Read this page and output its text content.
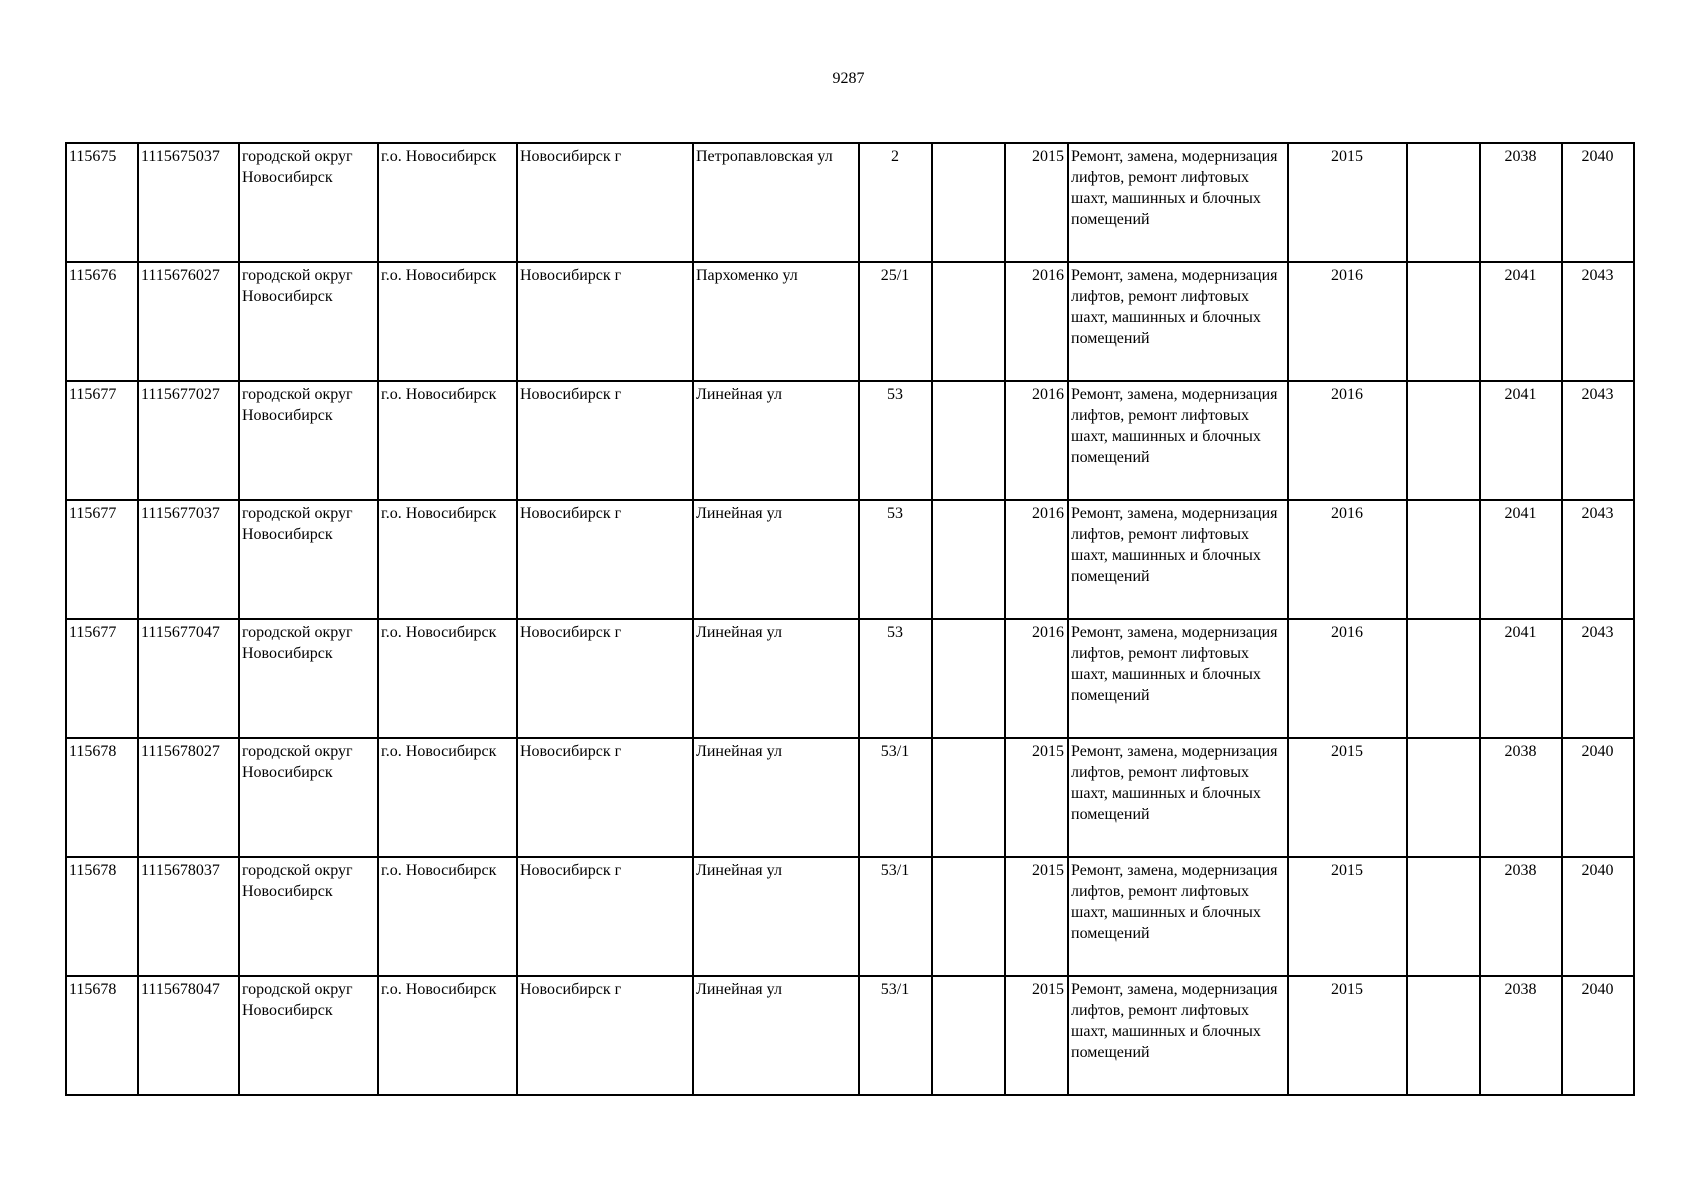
9287
115675	1115675037	городской округ Новосибирск	г.о. Новосибирск	Новосибирск г	Петропавловская ул	2		2015	Ремонт, замена, модернизация лифтов, ремонт лифтовых шахт, машинных и блочных помещений	2015		2038	2040
115676	1115676027	городской округ Новосибирск	г.о. Новосибирск	Новосибирск г	Пархоменко ул	25/1		2016	Ремонт, замена, модернизация лифтов, ремонт лифтовых шахт, машинных и блочных помещений	2016		2041	2043
115677	1115677027	городской округ Новосибирск	г.о. Новосибирск	Новосибирск г	Линейная ул	53		2016	Ремонт, замена, модернизация лифтов, ремонт лифтовых шахт, машинных и блочных помещений	2016		2041	2043
115677	1115677037	городской округ Новосибирск	г.о. Новосибирск	Новосибирск г	Линейная ул	53		2016	Ремонт, замена, модернизация лифтов, ремонт лифтовых шахт, машинных и блочных помещений	2016		2041	2043
115677	1115677047	городской округ Новосибирск	г.о. Новосибирск	Новосибирск г	Линейная ул	53		2016	Ремонт, замена, модернизация лифтов, ремонт лифтовых шахт, машинных и блочных помещений	2016		2041	2043
115678	1115678027	городской округ Новосибирск	г.о. Новосибирск	Новосибирск г	Линейная ул	53/1		2015	Ремонт, замена, модернизация лифтов, ремонт лифтовых шахт, машинных и блочных помещений	2015		2038	2040
115678	1115678037	городской округ Новосибирск	г.о. Новосибирск	Новосибирск г	Линейная ул	53/1		2015	Ремонт, замена, модернизация лифтов, ремонт лифтовых шахт, машинных и блочных помещений	2015		2038	2040
115678	1115678047	городской округ Новосибирск	г.о. Новосибирск	Новосибирск г	Линейная ул	53/1		2015	Ремонт, замена, модернизация лифтов, ремонт лифтовых шахт, машинных и блочных помещений	2015		2038	2040
